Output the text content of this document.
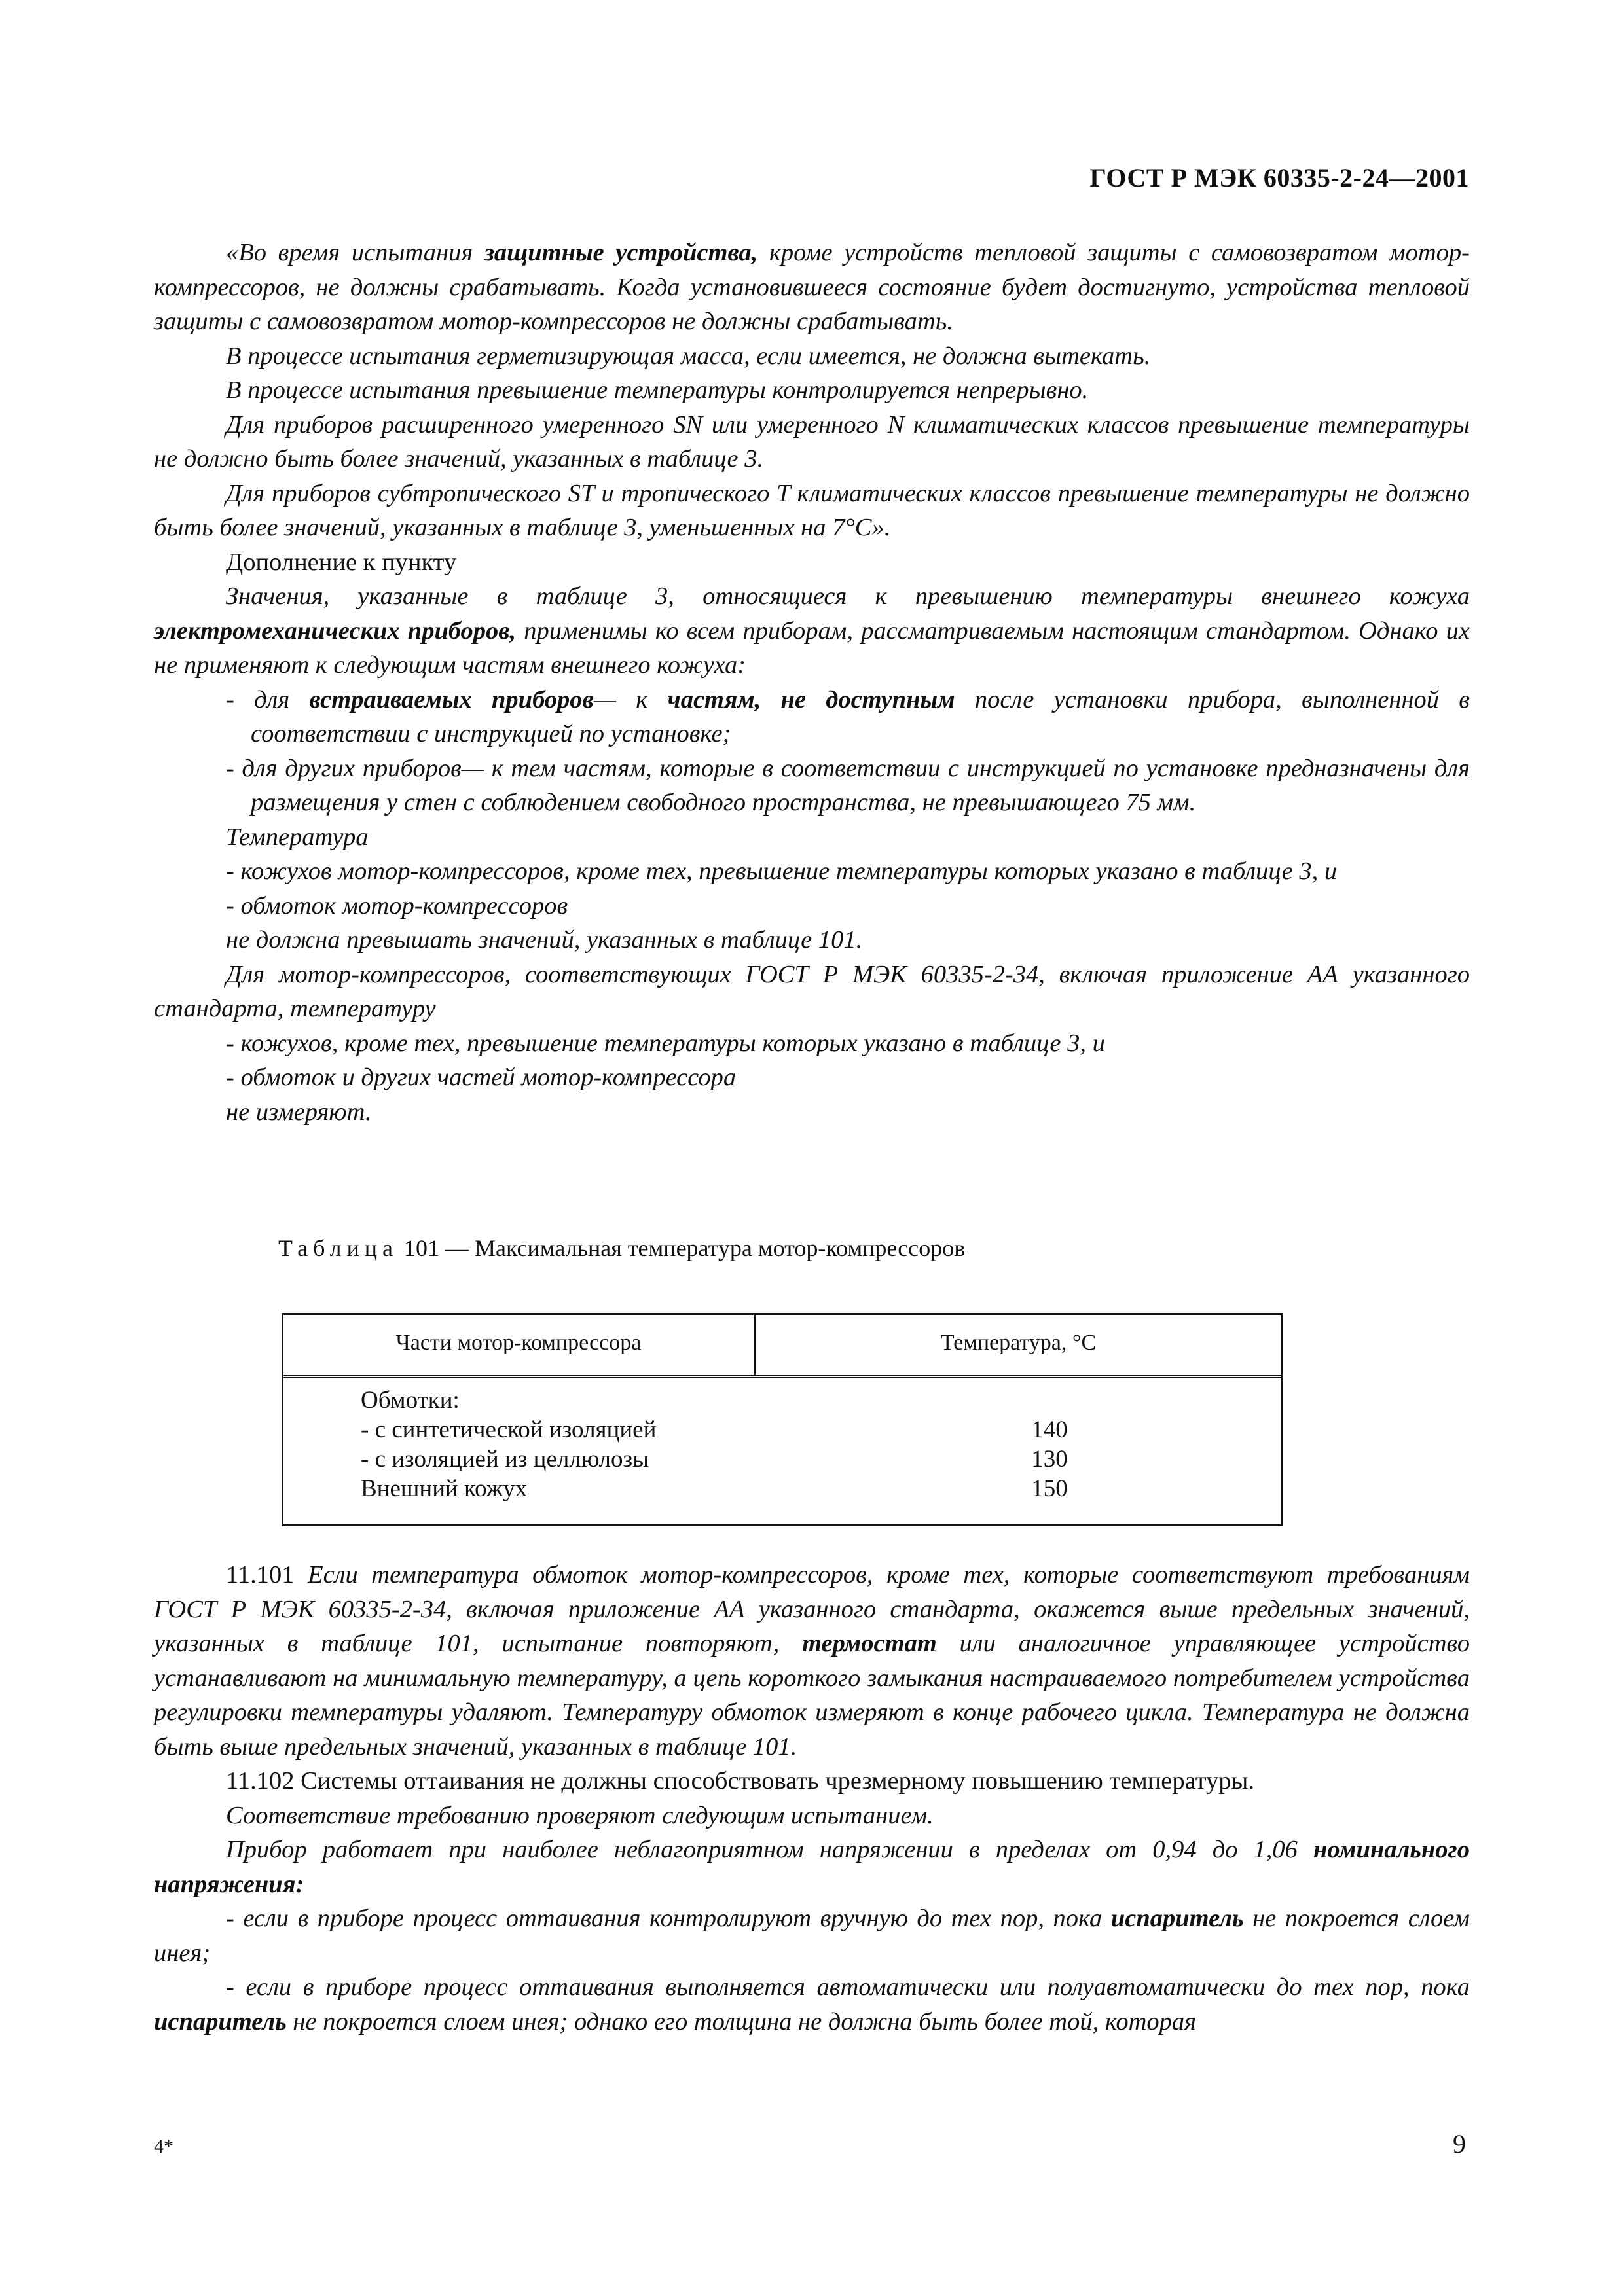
ГОСТ Р МЭК 60335-2-24—2001

«Во время испытания защитные устройства, кроме устройств тепловой защиты с самовозвратом мотор-компрессоров, не должны срабатывать. Когда установившееся состояние будет достигнуто, устройства тепловой защиты с самовозвратом мотор-компрессоров не должны срабатывать.

В процессе испытания герметизирующая масса, если имеется, не должна вытекать.

В процессе испытания превышение температуры контролируется непрерывно.

Для приборов расширенного умеренного SN или умеренного N климатических классов превышение температуры не должно быть более значений, указанных в таблице 3.

Для приборов субтропического ST и тропического T климатических классов превышение температуры не должно быть более значений, указанных в таблице 3, уменьшенных на 7°С».

Дополнение к пункту

Значения, указанные в таблице 3, относящиеся к превышению температуры внешнего кожуха электромеханических приборов, применимы ко всем приборам, рассматриваемым настоящим стандартом. Однако их не применяют к следующим частям внешнего кожуха:

- для встраиваемых приборов— к частям, не доступным после установки прибора, выполненной в соответствии с инструкцией по установке;

- для других приборов— к тем частям, которые в соответствии с инструкцией по установке предназначены для размещения у стен с соблюдением свободного пространства, не превышающего 75 мм.

Температура

- кожухов мотор-компрессоров, кроме тех, превышение температуры которых указано в таблице 3, и

- обмоток мотор-компрессоров

не должна превышать значений, указанных в таблице 101.

Для мотор-компрессоров, соответствующих ГОСТ Р МЭК 60335-2-34, включая приложение АА указанного стандарта, температуру

- кожухов, кроме тех, превышение температуры которых указано в таблице 3, и

- обмоток и других частей мотор-компрессора

не измеряют.

Таблица 101 — Максимальная температура мотор-компрессоров
Части мотор-компрессора	Температура, °С
Обмотки:
- с синтетической изоляцией
- с изоляцией из целлюлозы
Внешний кожух
140
130
150

11.101 Если температура обмоток мотор-компрессоров, кроме тех, которые соответствуют требованиям ГОСТ Р МЭК 60335-2-34, включая приложение АА указанного стандарта, окажется выше предельных значений, указанных в таблице 101, испытание повторяют, термостат или аналогичное управляющее устройство устанавливают на минимальную температуру, а цепь короткого замыкания настраиваемого потребителем устройства регулировки температуры удаляют. Температуру обмоток измеряют в конце рабочего цикла. Температура не должна быть выше предельных значений, указанных в таблице 101.

11.102 Системы оттаивания не должны способствовать чрезмерному повышению температуры.

Соответствие требованию проверяют следующим испытанием.

Прибор работает при наиболее неблагоприятном напряжении в пределах от 0,94 до 1,06 номинального напряжения:

- если в приборе процесс оттаивания контролируют вручную до тех пор, пока испаритель не покроется слоем инея;

- если в приборе процесс оттаивания выполняется автоматически или полуавтоматически до тех пор, пока испаритель не покроется слоем инея; однако его толщина не должна быть более той, которая

4*	9
